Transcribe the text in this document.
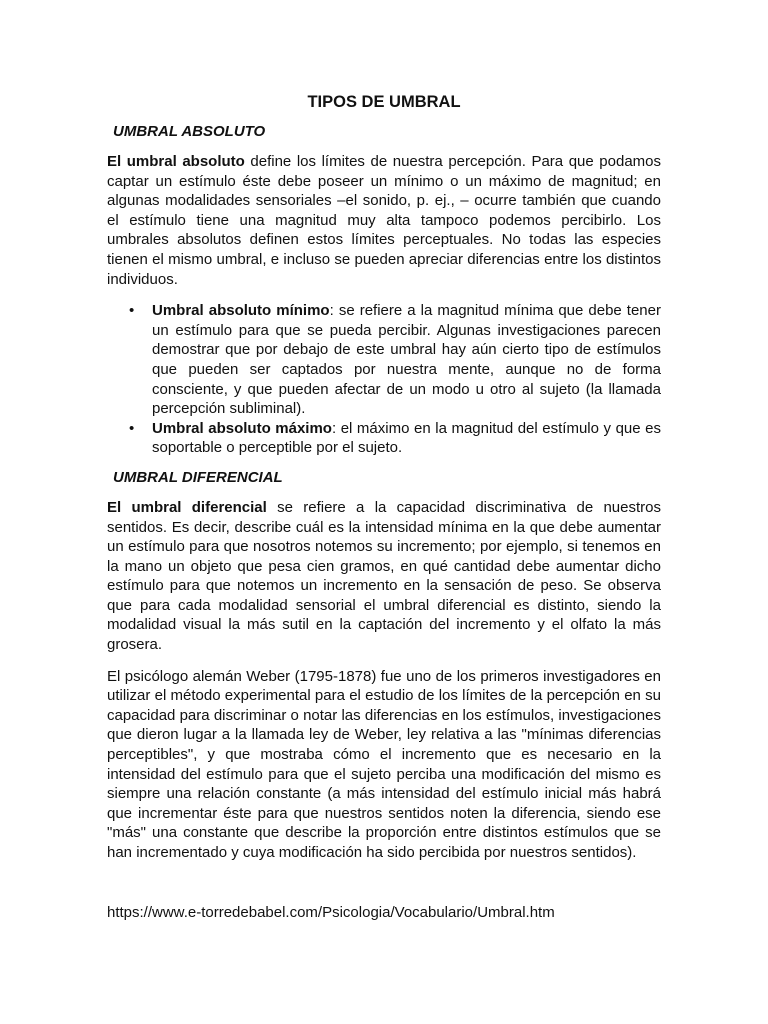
TIPOS DE UMBRAL
UMBRAL ABSOLUTO

El umbral absoluto define los límites de nuestra percepción. Para que podamos captar un estímulo éste debe poseer un mínimo o un máximo de magnitud; en algunas modalidades sensoriales –el sonido, p. ej., – ocurre también que cuando el estímulo tiene una magnitud muy alta tampoco podemos percibirlo. Los umbrales absolutos definen estos límites perceptuales. No todas las especies tienen el mismo umbral, e incluso se pueden apreciar diferencias entre los distintos individuos.

• Umbral absoluto mínimo: se refiere a la magnitud mínima que debe tener un estímulo para que se pueda percibir. Algunas investigaciones parecen demostrar que por debajo de este umbral hay aún cierto tipo de estímulos que pueden ser captados por nuestra mente, aunque no de forma consciente, y que pueden afectar de un modo u otro al sujeto (la llamada percepción subliminal).
• Umbral absoluto máximo: el máximo en la magnitud del estímulo y que es soportable o perceptible por el sujeto.
UMBRAL DIFERENCIAL

El umbral diferencial se refiere a la capacidad discriminativa de nuestros sentidos. Es decir, describe cuál es la intensidad mínima en la que debe aumentar un estímulo para que nosotros notemos su incremento; por ejemplo, si tenemos en la mano un objeto que pesa cien gramos, en qué cantidad debe aumentar dicho estímulo para que notemos un incremento en la sensación de peso. Se observa que para cada modalidad sensorial el umbral diferencial es distinto, siendo la modalidad visual la más sutil en la captación del incremento y el olfato la más grosera.

El psicólogo alemán Weber (1795-1878) fue uno de los primeros investigadores en utilizar el método experimental para el estudio de los límites de la percepción en su capacidad para discriminar o notar las diferencias en los estímulos, investigaciones que dieron lugar a la llamada ley de Weber, ley relativa a las "mínimas diferencias perceptibles", y que mostraba cómo el incremento que es necesario en la intensidad del estímulo para que el sujeto perciba una modificación del mismo es siempre una relación constante (a más intensidad del estímulo inicial más habrá que incrementar éste para que nuestros sentidos noten la diferencia, siendo ese "más" una constante que describe la proporción entre distintos estímulos que se han incrementado y cuya modificación ha sido percibida por nuestros sentidos).

https://www.e-torredebabel.com/Psicologia/Vocabulario/Umbral.htm
